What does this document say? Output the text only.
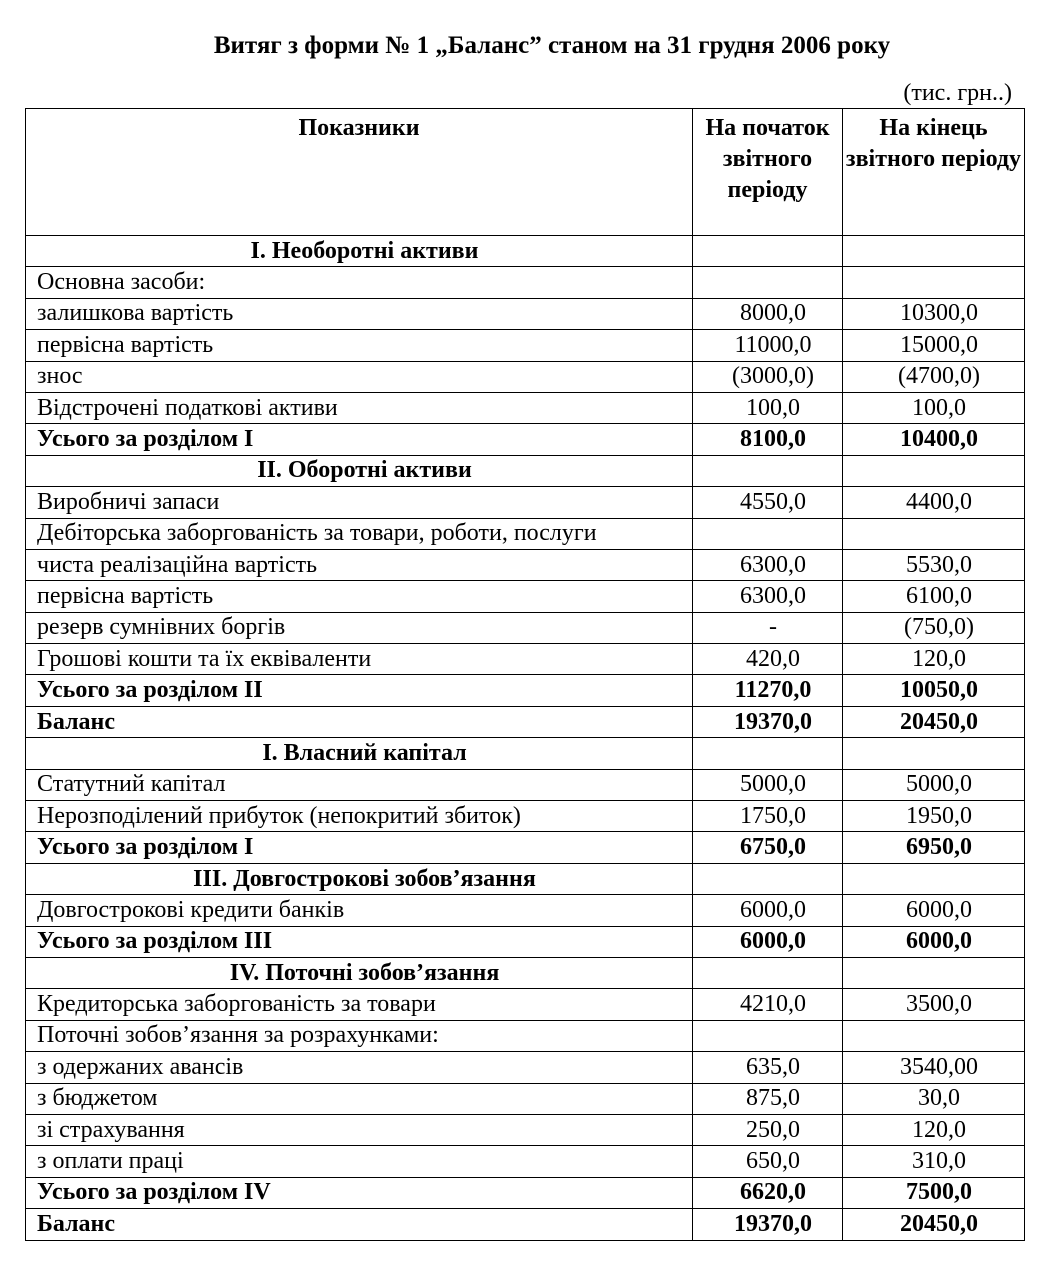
Витяг з форми № 1 „Баланс” станом на 31 грудня 2006 року
(тис. грн..)
Показники	На початок звітного періоду	На кінець звітного періоду
I. Необоротні активи		
Основна засоби:		
залишкова вартість	8000,0	10300,0
первісна вартість	11000,0	15000,0
знос	(3000,0)	(4700,0)
Відстрочені податкові активи	100,0	100,0
Усього за розділом I	8100,0	10400,0
II. Оборотні активи		
Виробничі запаси	4550,0	4400,0
Дебіторська заборгованість за товари, роботи, послуги		
чиста реалізаційна вартість	6300,0	5530,0
первісна вартість	6300,0	6100,0
резерв сумнівних боргів	-	(750,0)
Грошові кошти та їх еквіваленти	420,0	120,0
Усього за розділом II	11270,0	10050,0
Баланс	19370,0	20450,0
I. Власний капітал		
Статутний капітал	5000,0	5000,0
Нерозподілений прибуток (непокритий збиток)	1750,0	1950,0
Усього за розділом I	6750,0	6950,0
III. Довгострокові зобов’язання		
Довгострокові кредити банків	6000,0	6000,0
Усього за розділом III	6000,0	6000,0
IV. Поточні зобов’язання		
Кредиторська заборгованість за товари	4210,0	3500,0
Поточні зобов’язання за розрахунками:		
з одержаних авансів	635,0	3540,00
з бюджетом	875,0	30,0
зі страхування	250,0	120,0
з оплати праці	650,0	310,0
Усього за розділом IV	6620,0	7500,0
Баланс	19370,0	20450,0
